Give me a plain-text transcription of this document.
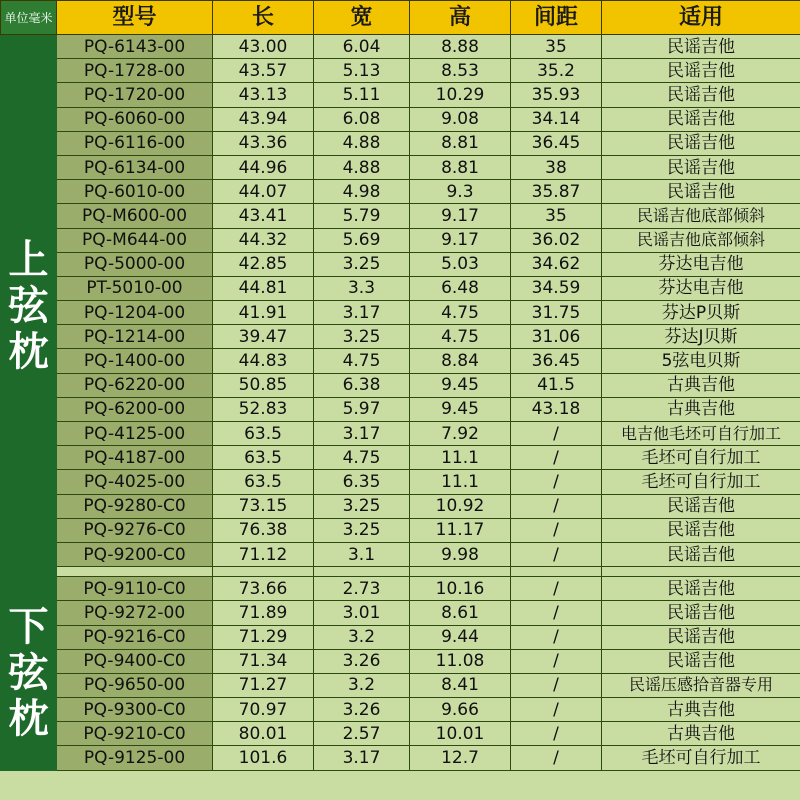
单位毫米	型号	长	宽	高	间距	适用

上
弦
枕	PQ-6143-00	43.00	6.04	8.88	35	民谣吉他
	PQ-1728-00	43.57	5.13	8.53	35.2	民谣吉他
	PQ-1720-00	43.13	5.11	10.29	35.93	民谣吉他
	PQ-6060-00	43.94	6.08	9.08	34.14	民谣吉他
	PQ-6116-00	43.36	4.88	8.81	36.45	民谣吉他
	PQ-6134-00	44.96	4.88	8.81	38	民谣吉他
	PQ-6010-00	44.07	4.98	9.3	35.87	民谣吉他
	PQ-M600-00	43.41	5.79	9.17	35	民谣吉他底部倾斜
	PQ-M644-00	44.32	5.69	9.17	36.02	民谣吉他底部倾斜
	PQ-5000-00	42.85	3.25	5.03	34.62	芬达电吉他
	PT-5010-00	44.81	3.3	6.48	34.59	芬达电吉他
	PQ-1204-00	41.91	3.17	4.75	31.75	芬达P贝斯
	PQ-1214-00	39.47	3.25	4.75	31.06	芬达J贝斯
	PQ-1400-00	44.83	4.75	8.84	36.45	5弦电贝斯
	PQ-6220-00	50.85	6.38	9.45	41.5	古典吉他
	PQ-6200-00	52.83	5.97	9.45	43.18	古典吉他
	PQ-4125-00	63.5	3.17	7.92	/	电吉他毛坯可自行加工
	PQ-4187-00	63.5	4.75	11.1	/	毛坯可自行加工
	PQ-4025-00	63.5	6.35	11.1	/	毛坯可自行加工
	PQ-9280-C0	73.15	3.25	10.92	/	民谣吉他
	PQ-9276-C0	76.38	3.25	11.17	/	民谣吉他
	PQ-9200-C0	71.12	3.1	9.98	/	民谣吉他

下
弦
枕	PQ-9110-C0	73.66	2.73	10.16	/	民谣吉他
	PQ-9272-00	71.89	3.01	8.61	/	民谣吉他
	PQ-9216-C0	71.29	3.2	9.44	/	民谣吉他
	PQ-9400-C0	71.34	3.26	11.08	/	民谣吉他
	PQ-9650-00	71.27	3.2	8.41	/	民谣压感拾音器专用
	PQ-9300-C0	70.97	3.26	9.66	/	古典吉他
	PQ-9210-C0	80.01	2.57	10.01	/	古典吉他
	PQ-9125-00	101.6	3.17	12.7	/	毛坯可自行加工
